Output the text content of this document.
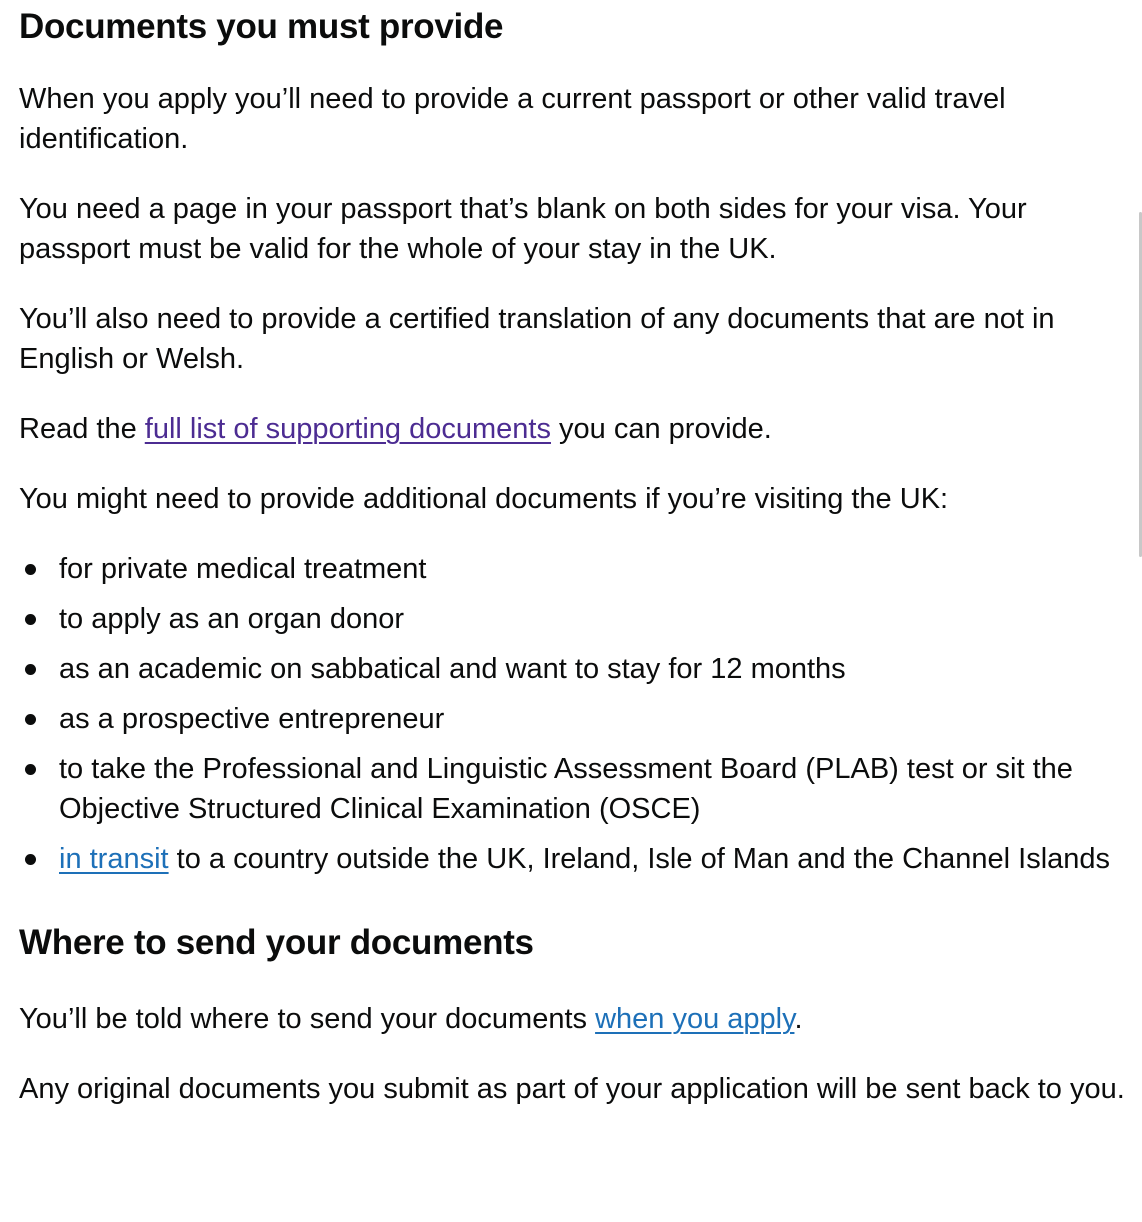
Documents you must provide

When you apply you’ll need to provide a current passport or other valid travel identification.

You need a page in your passport that’s blank on both sides for your visa. Your passport must be valid for the whole of your stay in the UK.

You’ll also need to provide a certified translation of any documents that are not in English or Welsh.

Read the full list of supporting documents you can provide.

You might need to provide additional documents if you’re visiting the UK:

for private medical treatment
to apply as an organ donor
as an academic on sabbatical and want to stay for 12 months
as a prospective entrepreneur
to take the Professional and Linguistic Assessment Board (PLAB) test or sit the Objective Structured Clinical Examination (OSCE)
in transit to a country outside the UK, Ireland, Isle of Man and the Channel Islands
Where to send your documents

You’ll be told where to send your documents when you apply.

Any original documents you submit as part of your application will be sent back to you.
